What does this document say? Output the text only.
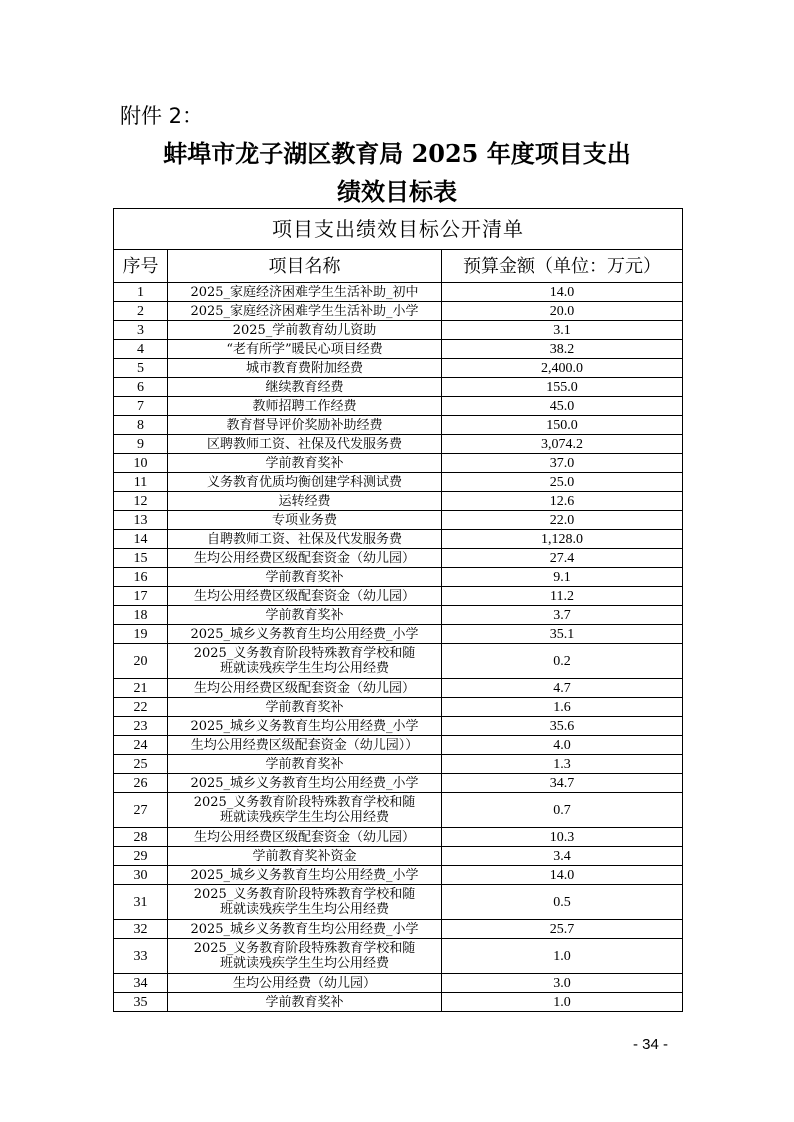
附件 2：
蚌埠市龙子湖区教育局 2025 年度项目支出
绩效目标表
项目支出绩效目标公开清单		
序号	项目名称	预算金额（单位：万元）
1	2025_家庭经济困难学生生活补助_初中	14.0
2	2025_家庭经济困难学生生活补助_小学	20.0
3	2025_学前教育幼儿资助	3.1
4	“老有所学”暖民心项目经费	38.2
5	城市教育费附加经费	2,400.0
6	继续教育经费	155.0
7	教师招聘工作经费	45.0
8	教育督导评价奖励补助经费	150.0
9	区聘教师工资、社保及代发服务费	3,074.2
10	学前教育奖补	37.0
11	义务教育优质均衡创建学科测试费	25.0
12	运转经费	12.6
13	专项业务费	22.0
14	自聘教师工资、社保及代发服务费	1,128.0
15	生均公用经费区级配套资金（幼儿园）	27.4
16	学前教育奖补	9.1
17	生均公用经费区级配套资金（幼儿园）	11.2
18	学前教育奖补	3.7
19	2025_城乡义务教育生均公用经费_小学	35.1
20	2025_义务教育阶段特殊教育学校和随
班就读残疾学生生均公用经费	0.2
21	生均公用经费区级配套资金（幼儿园）	4.7
22	学前教育奖补	1.6
23	2025_城乡义务教育生均公用经费_小学	35.6
24	生均公用经费区级配套资金（幼儿园））	4.0
25	学前教育奖补	1.3
26	2025_城乡义务教育生均公用经费_小学	34.7
27	2025_义务教育阶段特殊教育学校和随
班就读残疾学生生均公用经费	0.7
28	生均公用经费区级配套资金（幼儿园）	10.3
29	学前教育奖补资金	3.4
30	2025_城乡义务教育生均公用经费_小学	14.0
31	2025_义务教育阶段特殊教育学校和随
班就读残疾学生生均公用经费	0.5
32	2025_城乡义务教育生均公用经费_小学	25.7
33	2025_义务教育阶段特殊教育学校和随
班就读残疾学生生均公用经费	1.0
34	生均公用经费（幼儿园）	3.0
35	学前教育奖补	1.0
- 34 -
